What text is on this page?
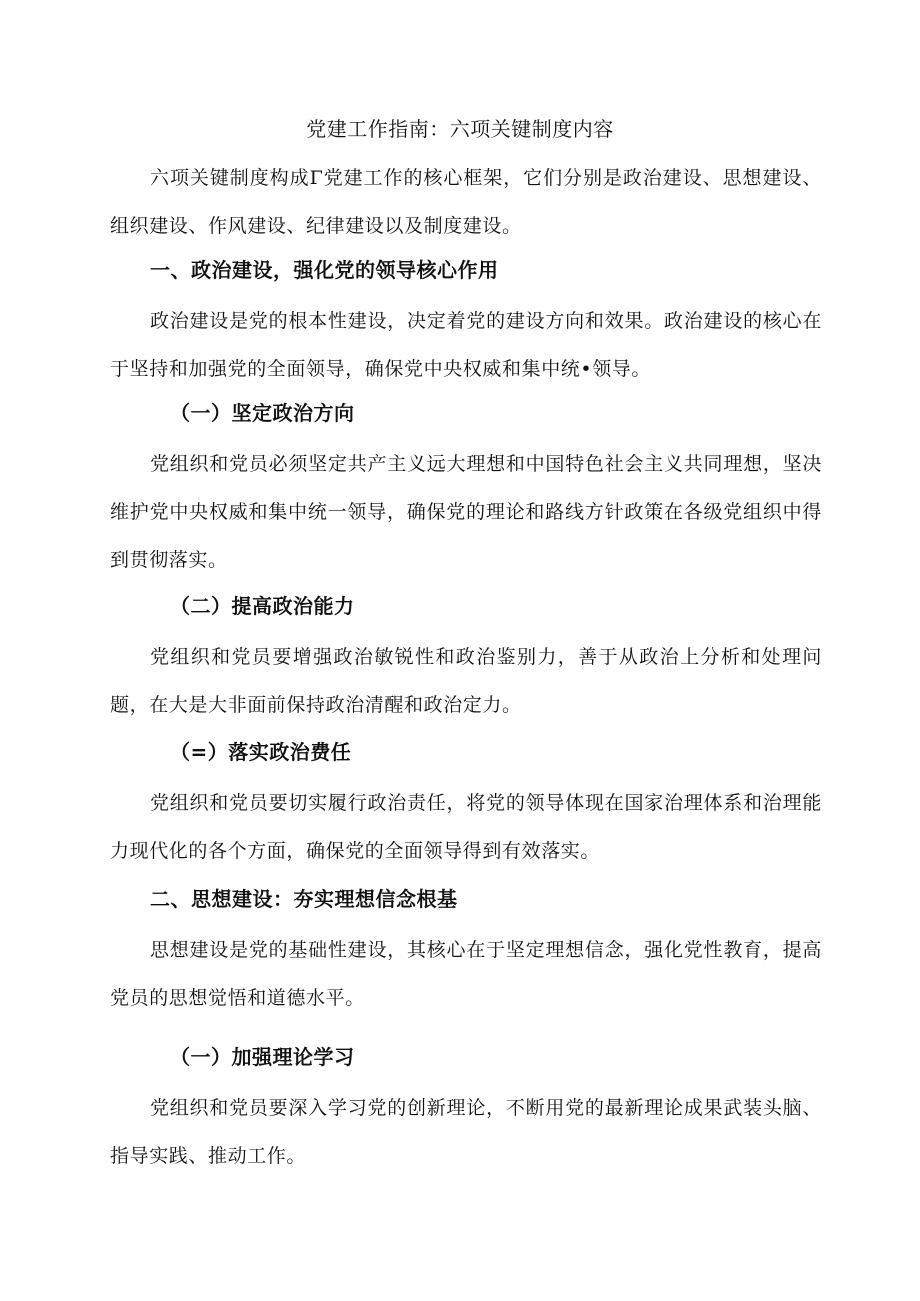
党建工作指南：六项关键制度内容

六项关键制度构成Γ党建工作的核心框架，它们分别是政治建设、思想建设、组织建设、作风建设、纪律建设以及制度建设。

一、政治建设，强化党的领导核心作用

政治建设是党的根本性建设，决定着党的建设方向和效果。政治建设的核心在于坚持和加强党的全面领导，确保党中央权威和集中统•领导。

（一）坚定政治方向

党组织和党员必须坚定共产主义远大理想和中国特色社会主义共同理想，坚决维护党中央权威和集中统一领导，确保党的理论和路线方针政策在各级党组织中得到贯彻落实。

（二）提高政治能力

党组织和党员要增强政治敏锐性和政治鉴别力，善于从政治上分析和处理问题，在大是大非面前保持政治清醒和政治定力。

（=）落实政治费任

党组织和党员要切实履行政治责任，将党的领导体现在国家治理体系和治理能力现代化的各个方面，确保党的全面领导得到有效落实。

二、思想建设：夯实理想信念根基

思想建设是党的基础性建设，其核心在于坚定理想信念，强化党性教育，提高党员的思想觉悟和道德水平。

（一）加强理论学习

党组织和党员要深入学习党的创新理论，不断用党的最新理论成果武装头脑、指导实践、推动工作。
